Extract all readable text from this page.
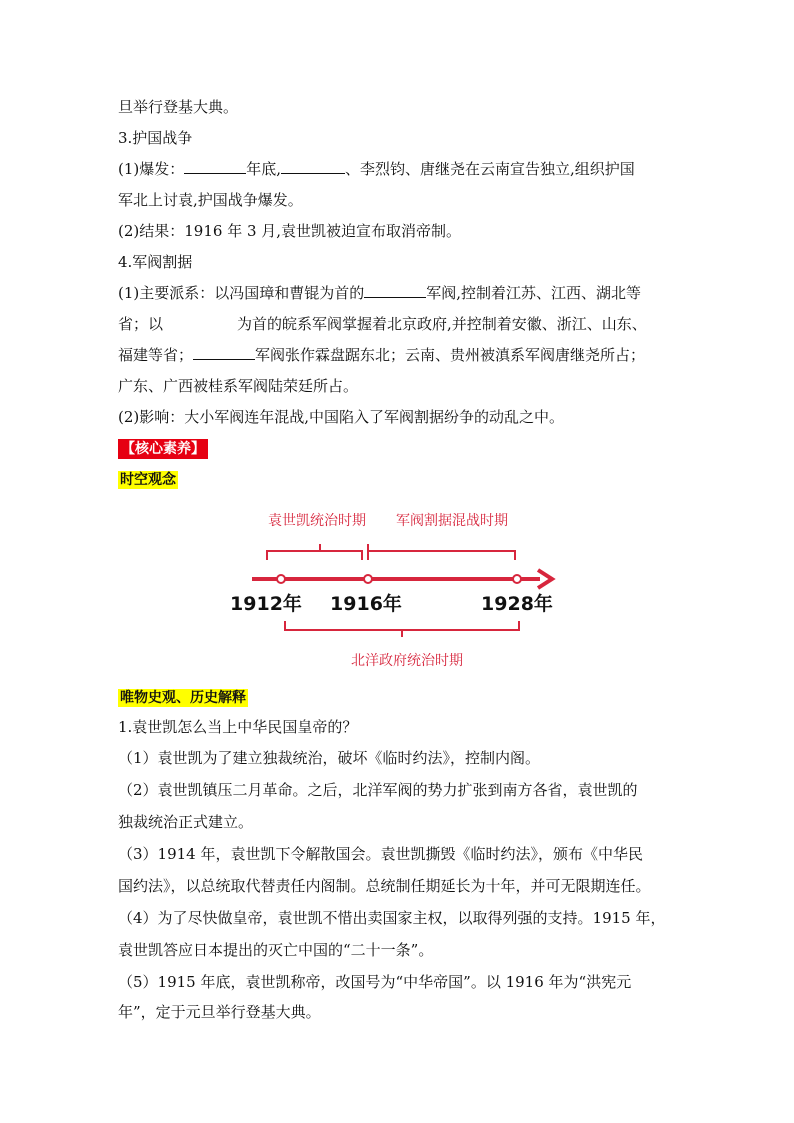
旦举行登基大典。
3.护国战争
(1)爆发：	年底,	、李烈钧、唐继尧在云南宣告独立,组织护国
军北上讨袁,护国战争爆发。
(2)结果：1916 年 3 月,袁世凯被迫宣布取消帝制。
4.军阀割据
(1)主要派系：以冯国璋和曹锟为首的	军阀,控制着江苏、江西、湖北等
省；以	为首的皖系军阀掌握着北京政府,并控制着安徽、浙江、山东、
福建等省；	军阀张作霖盘踞东北；云南、贵州被滇系军阀唐继尧所占；
广东、广西被桂系军阀陆荣廷所占。
(2)影响：大小军阀连年混战,中国陷入了军阀割据纷争的动乱之中。
【核心素养】
时空观念
袁世凯统治时期 军阀割据混战时期
1912年 1916年	1928年
北洋政府统治时期
唯物史观、历史解释
1.袁世凯怎么当上中华民国皇帝的？
（1）袁世凯为了建立独裁统治，破坏《临时约法》，控制内阁。
（2）袁世凯镇压二月革命。之后，北洋军阀的势力扩张到南方各省，袁世凯的
独裁统治正式建立。
（3）1914 年，袁世凯下令解散国会。袁世凯撕毁《临时约法》，颁布《中华民
国约法》，以总统取代替责任内阁制。总统制任期延长为十年，并可无限期连任。
（4）为了尽快做皇帝，袁世凯不惜出卖国家主权，以取得列强的支持。1915 年，
袁世凯答应日本提出的灭亡中国的“二十一条”。
（5）1915 年底，袁世凯称帝，改国号为“中华帝国”。以 1916 年为“洪宪元
年”，定于元旦举行登基大典。
